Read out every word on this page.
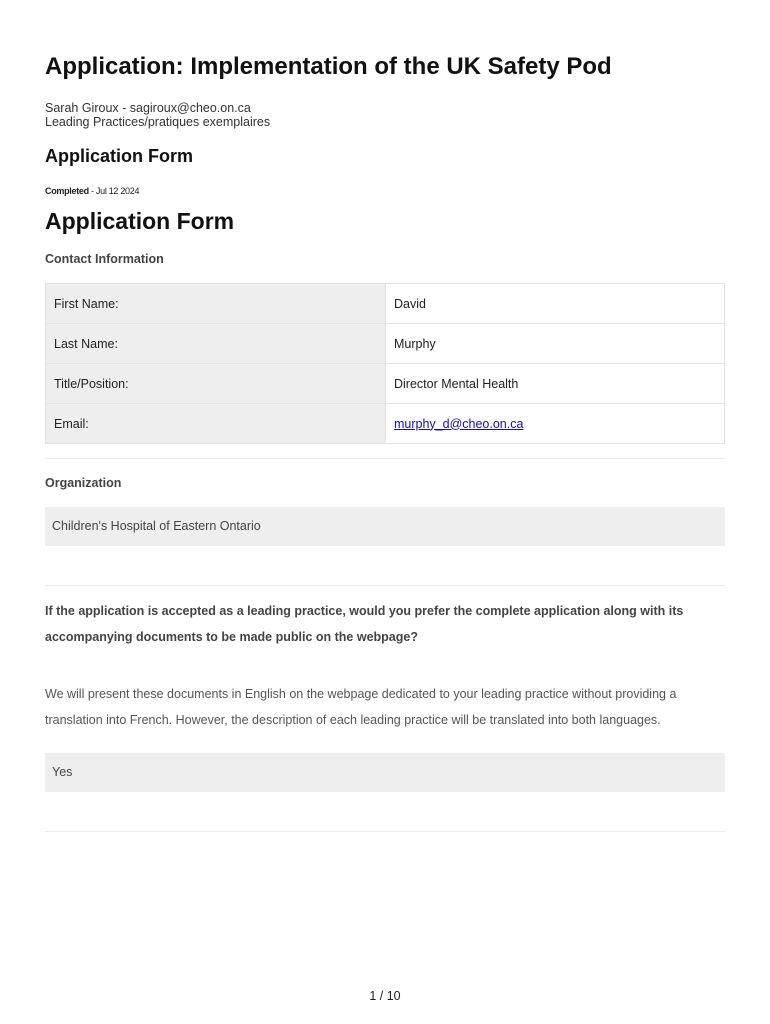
Application: Implementation of the UK Safety Pod
Sarah Giroux - sagiroux@cheo.on.ca
Leading Practices/pratiques exemplaires
Application Form
Completed - Jul 12 2024
Application Form
Contact Information
First Name:	David
Last Name:	Murphy
Title/Position:	Director Mental Health
Email:	murphy_d@cheo.on.ca
Organization
Children's Hospital of Eastern Ontario
If the application is accepted as a leading practice, would you prefer the complete application along with its accompanying documents to be made public on the webpage?
We will present these documents in English on the webpage dedicated to your leading practice without providing a translation into French. However, the description of each leading practice will be translated into both languages.
Yes
1 / 10
